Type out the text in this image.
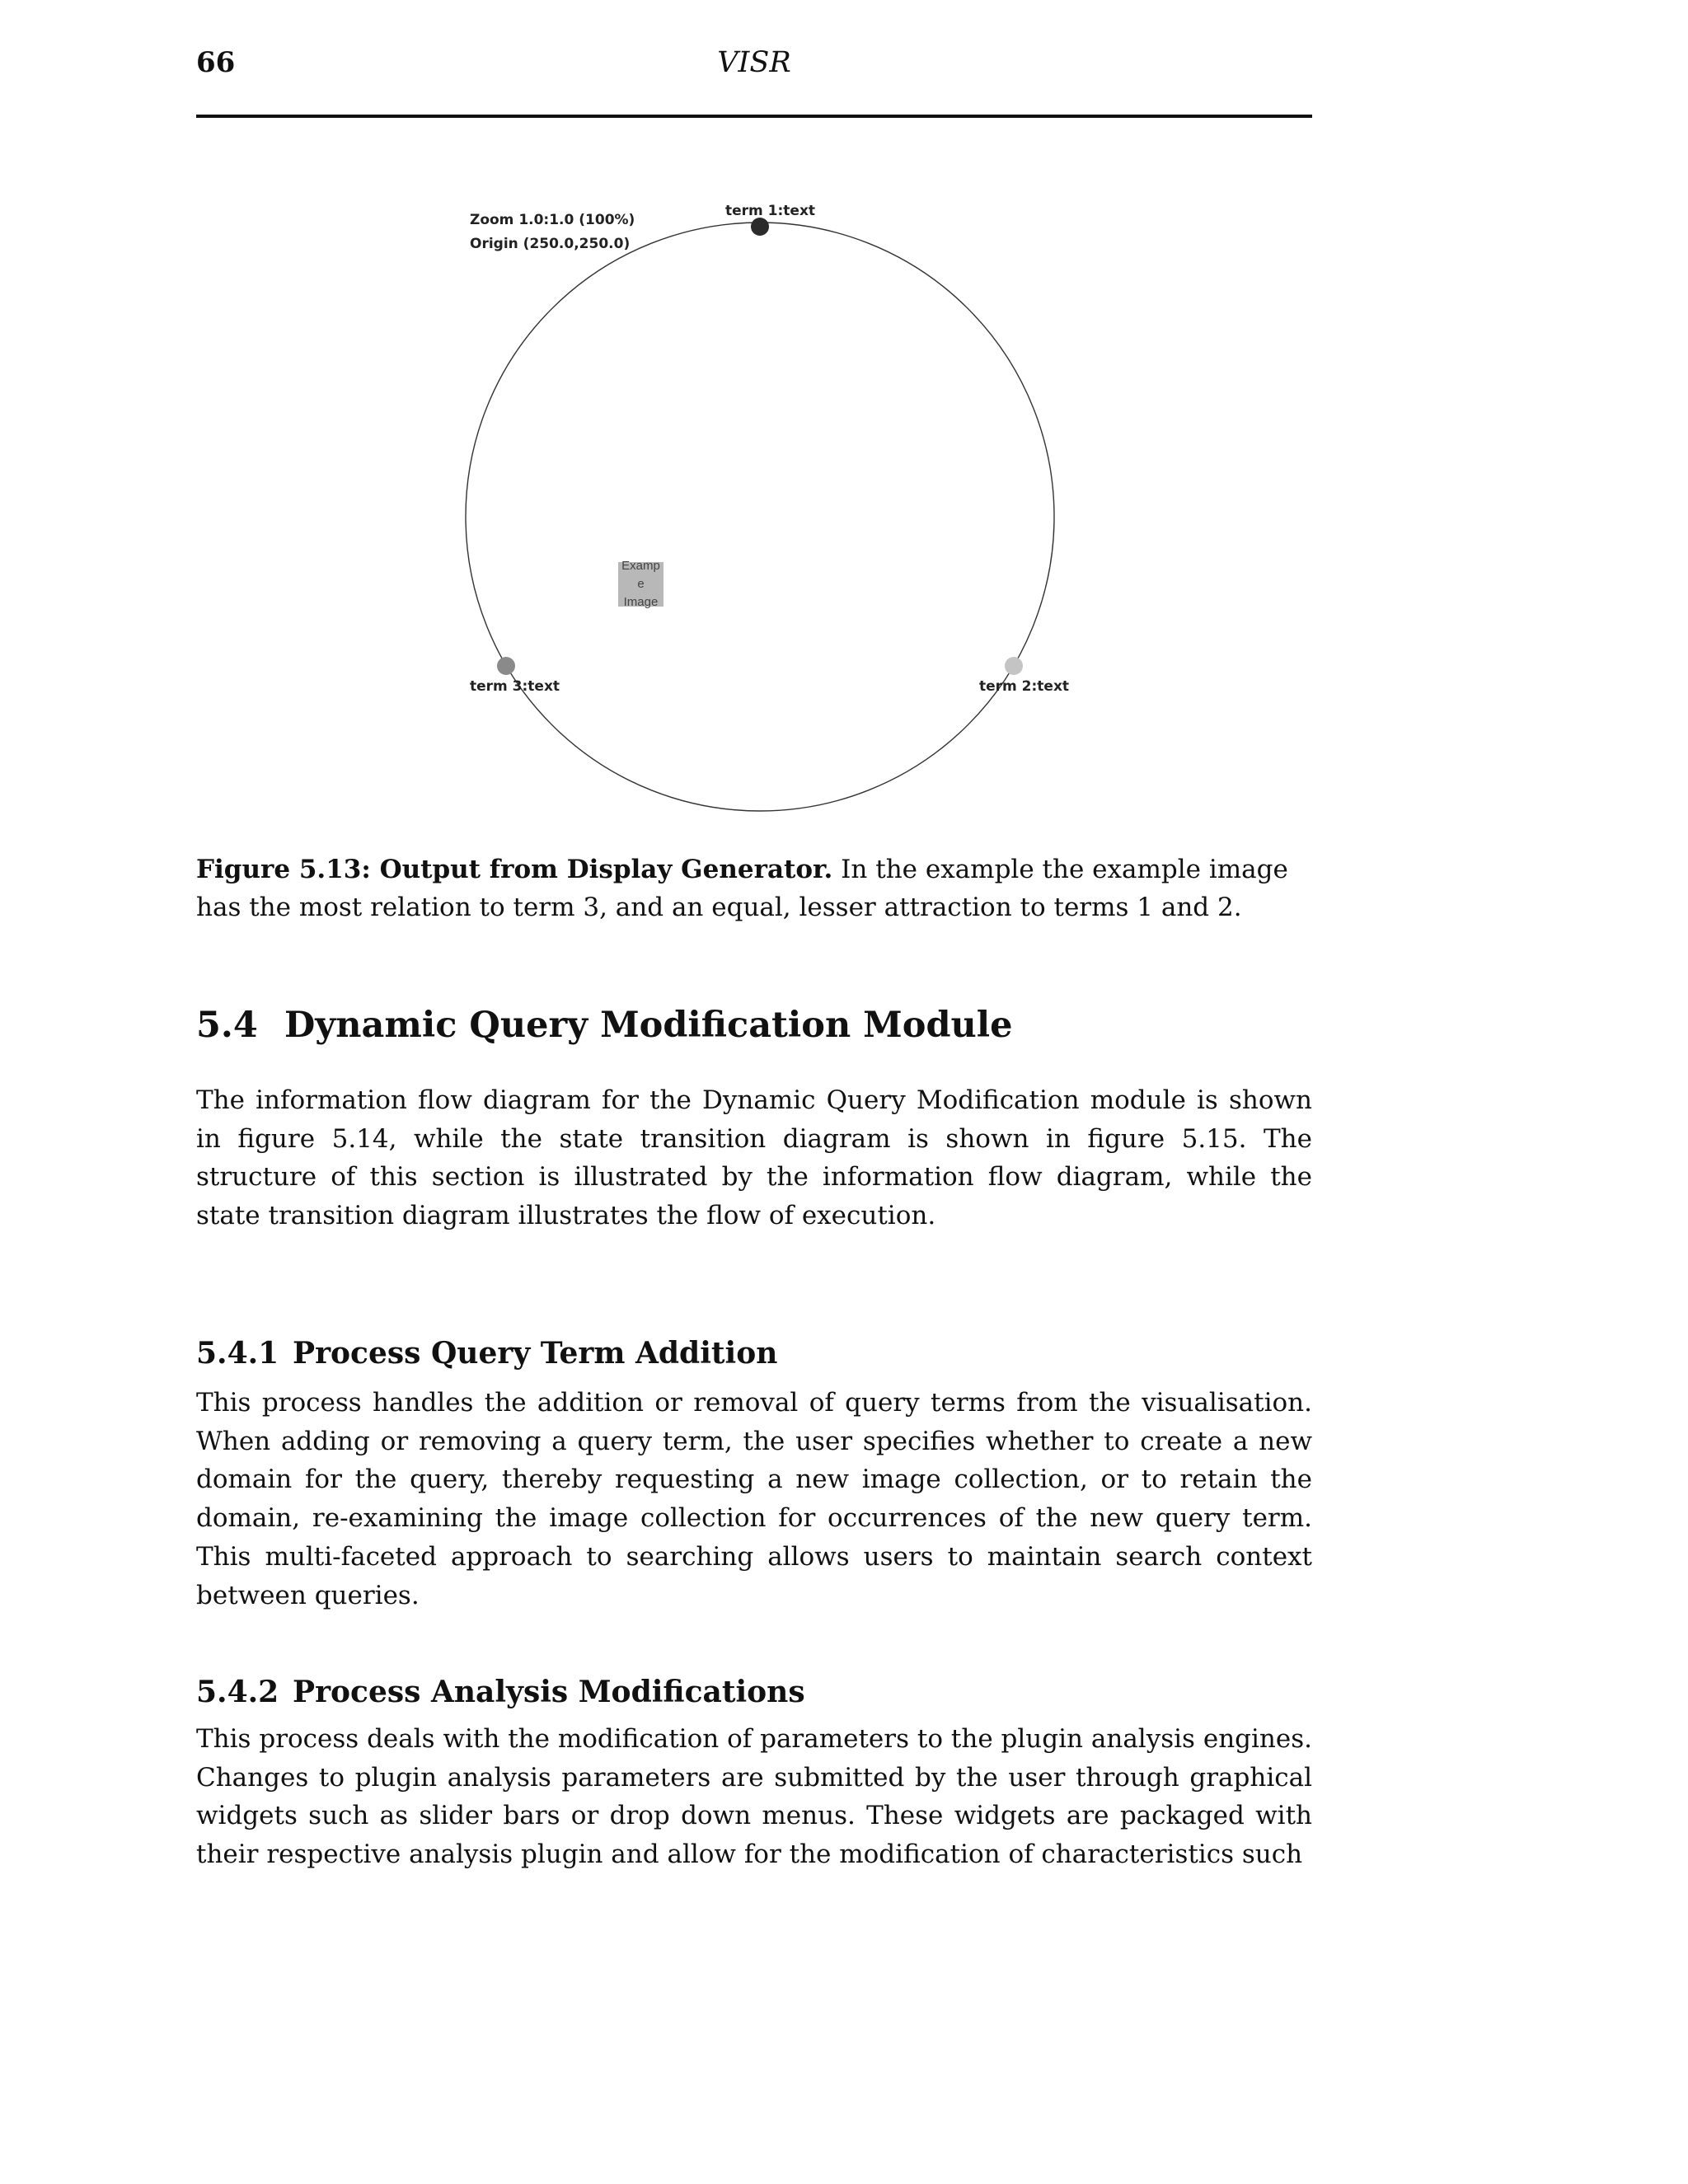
66	VISR
Zoom 1.0:1.0 (100%)
Origin (250.0,250.0)
term 1:text
term 2:text
term 3:text
Examp e
Image
Figure 5.13: Output from Display Generator. In the example the example image has the most relation to term 3, and an equal, lesser attraction to terms 1 and 2.
5.4 Dynamic Query Modification Module

The information flow diagram for the Dynamic Query Modification module is shown in figure 5.14, while the state transition diagram is shown in figure 5.15. The structure of this section is illustrated by the information flow diagram, while the state transition diagram illustrates the flow of execution.

5.4.1 Process Query Term Addition

This process handles the addition or removal of query terms from the visualisation. When adding or removing a query term, the user specifies whether to create a new domain for the query, thereby requesting a new image collection, or to retain the domain, re-examining the image collection for occurrences of the new query term. This multi-faceted approach to searching allows users to maintain search context between queries.

5.4.2 Process Analysis Modifications

This process deals with the modification of parameters to the plugin analysis engines. Changes to plugin analysis parameters are submitted by the user through graphical widgets such as slider bars or drop down menus. These widgets are packaged with their respective analysis plugin and allow for the modification of characteristics such
